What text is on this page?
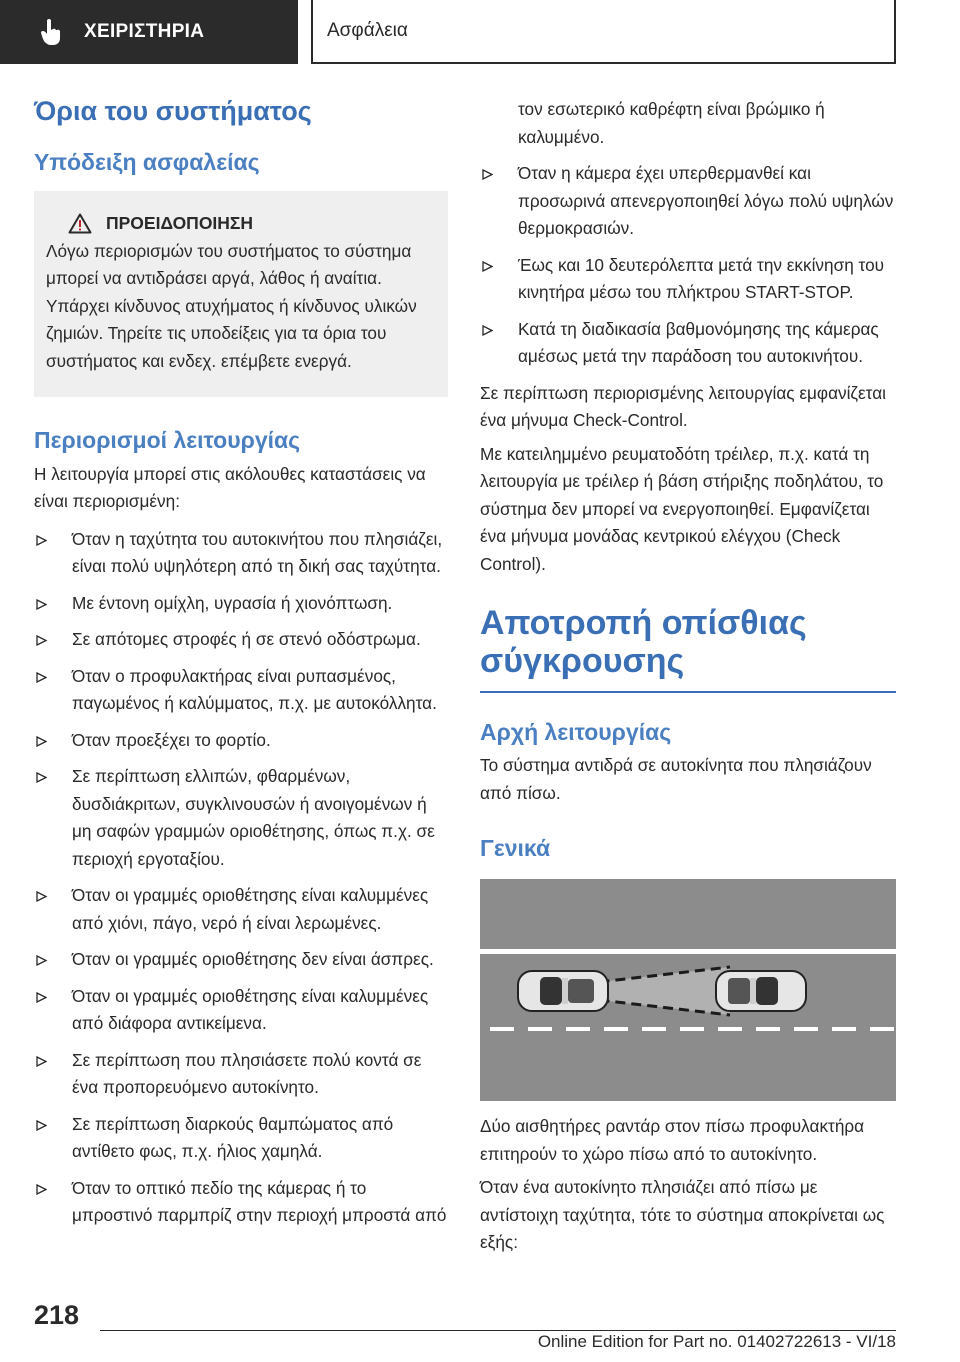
ΧΕΙΡΙΣΤΗΡΙΑ	Ασφάλεια
Όρια του συστήματος
Υπόδειξη ασφαλείας
ΠΡΟΕΙΔΟΠΟΙΗΣΗ

Λόγω περιορισμών του συστήματος το σύστημα μπορεί να αντιδράσει αργά, λάθος ή αναίτια. Υπάρχει κίνδυνος ατυχήματος ή κίνδυνος υλικών ζημιών. Τηρείτε τις υποδείξεις για τα όρια του συστήματος και ενδεχ. επέμβετε ενεργά.

Περιορισμοί λειτουργίας

Η λειτουργία μπορεί στις ακόλουθες καταστάσεις να είναι περιορισμένη:

Όταν η ταχύτητα του αυτοκινήτου που πλησιάζει, είναι πολύ υψηλότερη από τη δική σας ταχύτητα.
Με έντονη ομίχλη, υγρασία ή χιονόπτωση.
Σε απότομες στροφές ή σε στενό οδόστρωμα.
Όταν ο προφυλακτήρας είναι ρυπασμένος, παγωμένος ή καλύμματος, π.χ. με αυτοκόλλητα.
Όταν προεξέχει το φορτίο.
Σε περίπτωση ελλιπών, φθαρμένων, δυσδιάκριτων, συγκλινουσών ή ανοιγομένων ή μη σαφών γραμμών οριοθέτησης, όπως π.χ. σε περιοχή εργοταξίου.
Όταν οι γραμμές οριοθέτησης είναι καλυμμένες από χιόνι, πάγο, νερό ή είναι λερωμένες.
Όταν οι γραμμές οριοθέτησης δεν είναι άσπρες.
Όταν οι γραμμές οριοθέτησης είναι καλυμμένες από διάφορα αντικείμενα.
Σε περίπτωση που πλησιάσετε πολύ κοντά σε ένα προπορευόμενο αυτοκίνητο.
Σε περίπτωση διαρκούς θαμπώματος από αντίθετο φως, π.χ. ήλιος χαμηλά.
Όταν το οπτικό πεδίο της κάμερας ή το μπροστινό παρμπρίζ στην περιοχή μπροστά από
τον εσωτερικό καθρέφτη είναι βρώμικο ή καλυμμένο.
Όταν η κάμερα έχει υπερθερμανθεί και προσωρινά απενεργοποιηθεί λόγω πολύ υψηλών θερμοκρασιών.
Έως και 10 δευτερόλεπτα μετά την εκκίνηση του κινητήρα μέσω του πλήκτρου START-STOP.
Κατά τη διαδικασία βαθμονόμησης της κάμερας αμέσως μετά την παράδοση του αυτοκινήτου.

Σε περίπτωση περιορισμένης λειτουργίας εμφανίζεται ένα μήνυμα Check-Control.

Με κατειλημμένο ρευματοδότη τρέιλερ, π.χ. κατά τη λειτουργία με τρέιλερ ή βάση στήριξης ποδηλάτου, το σύστημα δεν μπορεί να ενεργοποιηθεί. Εμφανίζεται ένα μήνυμα μονάδας κεντρικού ελέγχου (Check Control).

Αποτροπή οπίσθιας σύγκρουσης
Αρχή λειτουργίας

Το σύστημα αντιδρά σε αυτοκίνητα που πλησιάζουν από πίσω.

Γενικά

Δύο αισθητήρες ραντάρ στον πίσω προφυλακτήρα επιτηρούν το χώρο πίσω από το αυτοκίνητο.

Όταν ένα αυτοκίνητο πλησιάζει από πίσω με αντίστοιχη ταχύτητα, τότε το σύστημα αποκρίνεται ως εξής:

218
Online Edition for Part no. 01402722613 - VI/18
